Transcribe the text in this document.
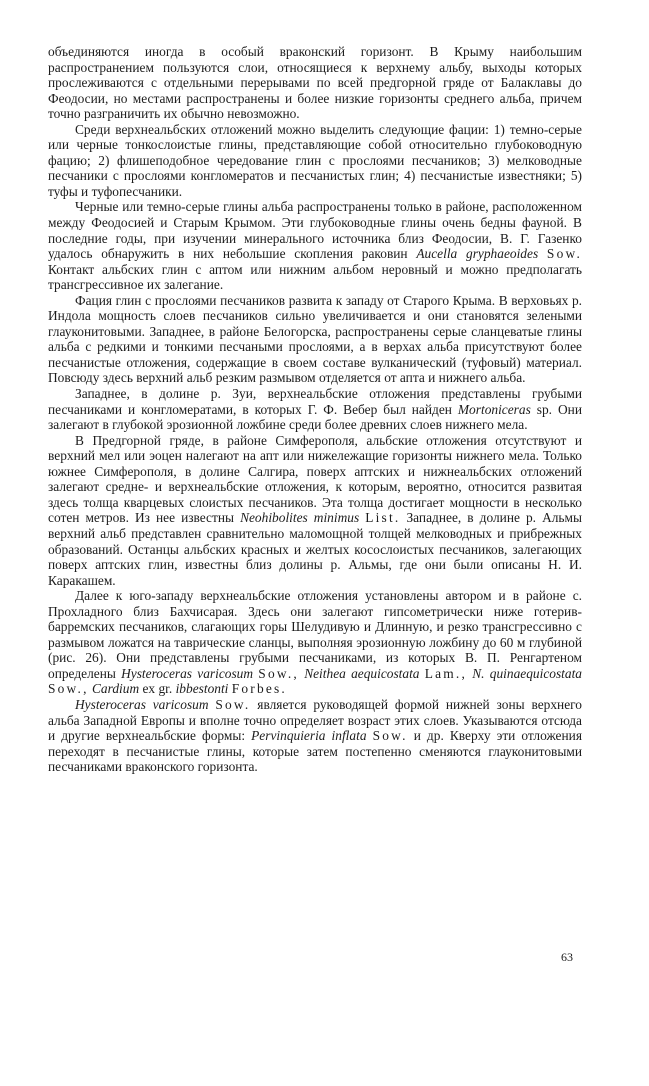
объединяются иногда в особый враконский горизонт. В Крыму наибольшим распространением пользуются слои, относящиеся к верхнему альбу, выходы которых прослеживаются с отдельными перерывами по всей предгорной гряде от Балаклавы до Феодосии, но местами распространены и более низкие горизонты среднего альба, причем точно разграничить их обычно невозможно.

Среди верхнеальбских отложений можно выделить следующие фации: 1) темно-серые или черные тонкослоистые глины, представляющие собой относительно глубоководную фацию; 2) флишеподобное чередование глин с прослоями песчаников; 3) мелководные песчаники с прослоями конгломератов и песчанистых глин; 4) песчанистые известняки; 5) туфы и туфопесчаники.

Черные или темно-серые глины альба распространены только в районе, расположенном между Феодосией и Старым Крымом. Эти глубоководные глины очень бедны фауной. В последние годы, при изучении минерального источника близ Феодосии, В. Г. Газенко удалось обнаружить в них небольшие скопления раковин Aucella gryphaeoides Sow. Контакт альбских глин с аптом или нижним альбом неровный и можно предполагать трансгрессивное их залегание.

Фация глин с прослоями песчаников развита к западу от Старого Крыма. В верховьях р. Индола мощность слоев песчаников сильно увеличивается и они становятся зелеными глауконитовыми. Западнее, в районе Белогорска, распространены серые сланцеватые глины альба с редкими и тонкими песчаными прослоями, а в верхах альба присутствуют более песчанистые отложения, содержащие в своем составе вулканический (туфовый) материал. Повсюду здесь верхний альб резким размывом отделяется от апта и нижнего альба.

Западнее, в долине р. Зуи, верхнеальбские отложения представлены грубыми песчаниками и конгломератами, в которых Г. Ф. Вебер был найден Mortoniceras sp. Они залегают в глубокой эрозионной ложбине среди более древних слоев нижнего мела.

В Предгорной гряде, в районе Симферополя, альбские отложения отсутствуют и верхний мел или эоцен налегают на апт или нижележащие горизонты нижнего мела. Только южнее Симферополя, в долине Салгира, поверх аптских и нижнеальбских отложений залегают средне- и верхнеальбские отложения, к которым, вероятно, относится развитая здесь толща кварцевых слоистых песчаников. Эта толща достигает мощности в несколько сотен метров. Из нее известны Neohibolites minimus List. Западнее, в долине р. Альмы верхний альб представлен сравнительно маломощной толщей мелководных и прибрежных образований. Останцы альбских красных и желтых косослоистых песчаников, залегающих поверх аптских глин, известны близ долины р. Альмы, где они были описаны Н. И. Каракашем.

Далее к юго-западу верхнеальбские отложения установлены автором и в районе с. Прохладного близ Бахчисарая. Здесь они залегают гипсометрически ниже готерив-барремских песчаников, слагающих горы Шелудивую и Длинную, и резко трансгрессивно с размывом ложатся на таврические сланцы, выполняя эрозионную ложбину до 60 м глубиной (рис. 26). Они представлены грубыми песчаниками, из которых В. П. Ренгартеном определены Hysteroceras varicosum Sow., Neithea aequicostata Lam., N. quinaequicostata Sow., Cardium ex gr. ibbestonti Forbes.

Hysteroceras varicosum Sow. является руководящей формой нижней зоны верхнего альба Западной Европы и вполне точно определяет возраст этих слоев. Указываются отсюда и другие верхнеальбские формы: Pervinquieria inflata Sow. и др. Кверху эти отложения переходят в песчанистые глины, которые затем постепенно сменяются глауконитовыми песчаниками враконского горизонта.

63
